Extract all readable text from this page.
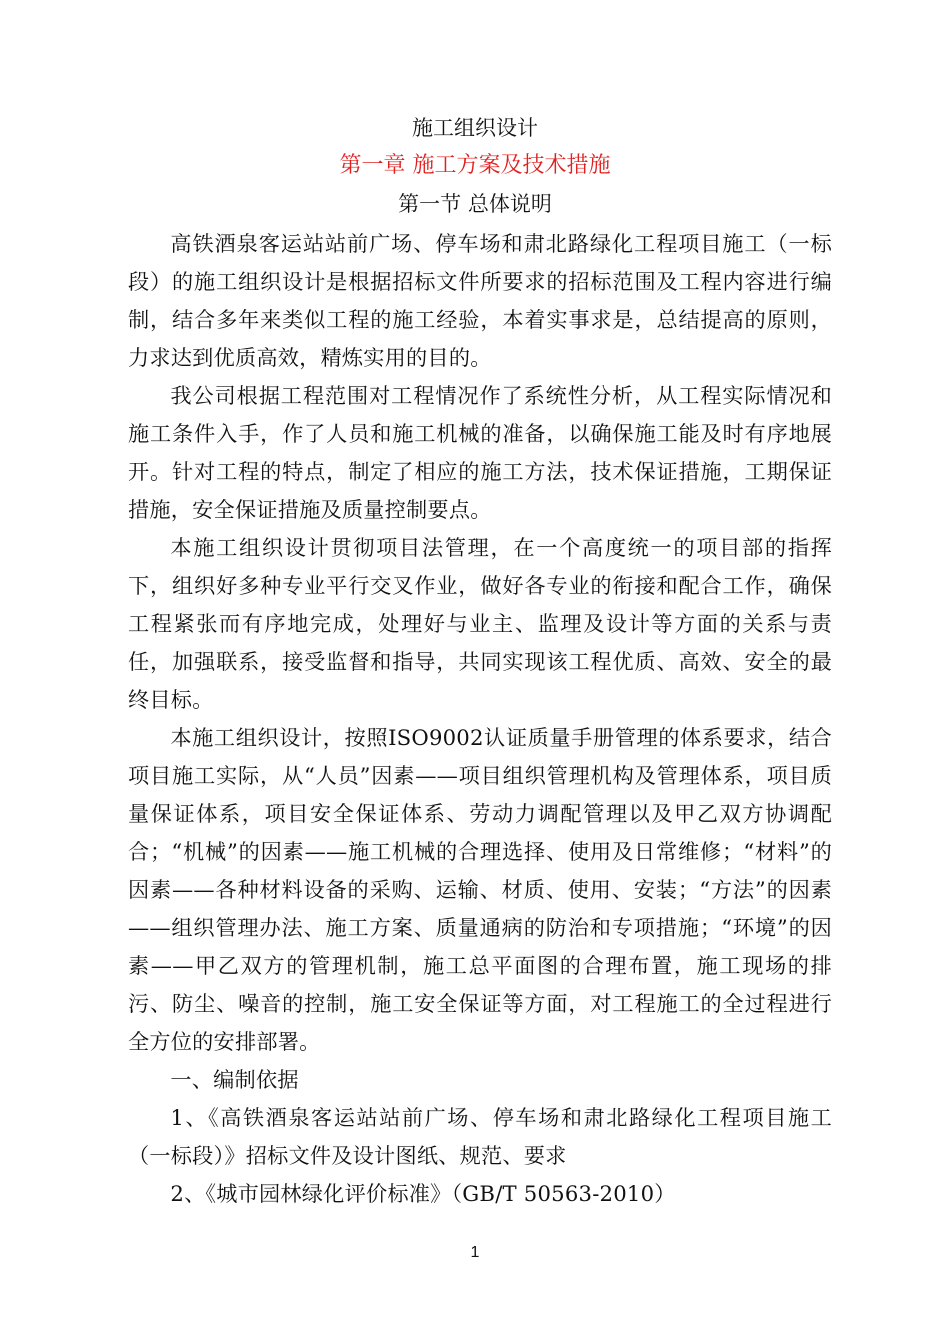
施工组织设计
第一章 施工方案及技术措施
第一节 总体说明

高铁酒泉客运站站前广场、停车场和肃北路绿化工程项目施工（一标段）的施工组织设计是根据招标文件所要求的招标范围及工程内容进行编制，结合多年来类似工程的施工经验，本着实事求是，总结提高的原则，力求达到优质高效，精炼实用的目的。

我公司根据工程范围对工程情况作了系统性分析，从工程实际情况和施工条件入手，作了人员和施工机械的准备，以确保施工能及时有序地展开。针对工程的特点，制定了相应的施工方法，技术保证措施，工期保证措施，安全保证措施及质量控制要点。

本施工组织设计贯彻项目法管理，在一个高度统一的项目部的指挥下，组织好多种专业平行交叉作业，做好各专业的衔接和配合工作，确保工程紧张而有序地完成，处理好与业主、监理及设计等方面的关系与责任，加强联系，接受监督和指导，共同实现该工程优质、高效、安全的最终目标。

本施工组织设计，按照ISO9002认证质量手册管理的体系要求，结合项目施工实际，从“人员”因素——项目组织管理机构及管理体系，项目质量保证体系，项目安全保证体系、劳动力调配管理以及甲乙双方协调配合；“机械”的因素——施工机械的合理选择、使用及日常维修；“材料”的因素——各种材料设备的采购、运输、材质、使用、安装；“方法”的因素——组织管理办法、施工方案、质量通病的防治和专项措施；“环境”的因素——甲乙双方的管理机制，施工总平面图的合理布置，施工现场的排污、防尘、噪音的控制，施工安全保证等方面，对工程施工的全过程进行全方位的安排部署。

一、编制依据

1、《高铁酒泉客运站站前广场、停车场和肃北路绿化工程项目施工（一标段）》招标文件及设计图纸、规范、要求

2、《城市园林绿化评价标准》（GB/T 50563-2010）

1
